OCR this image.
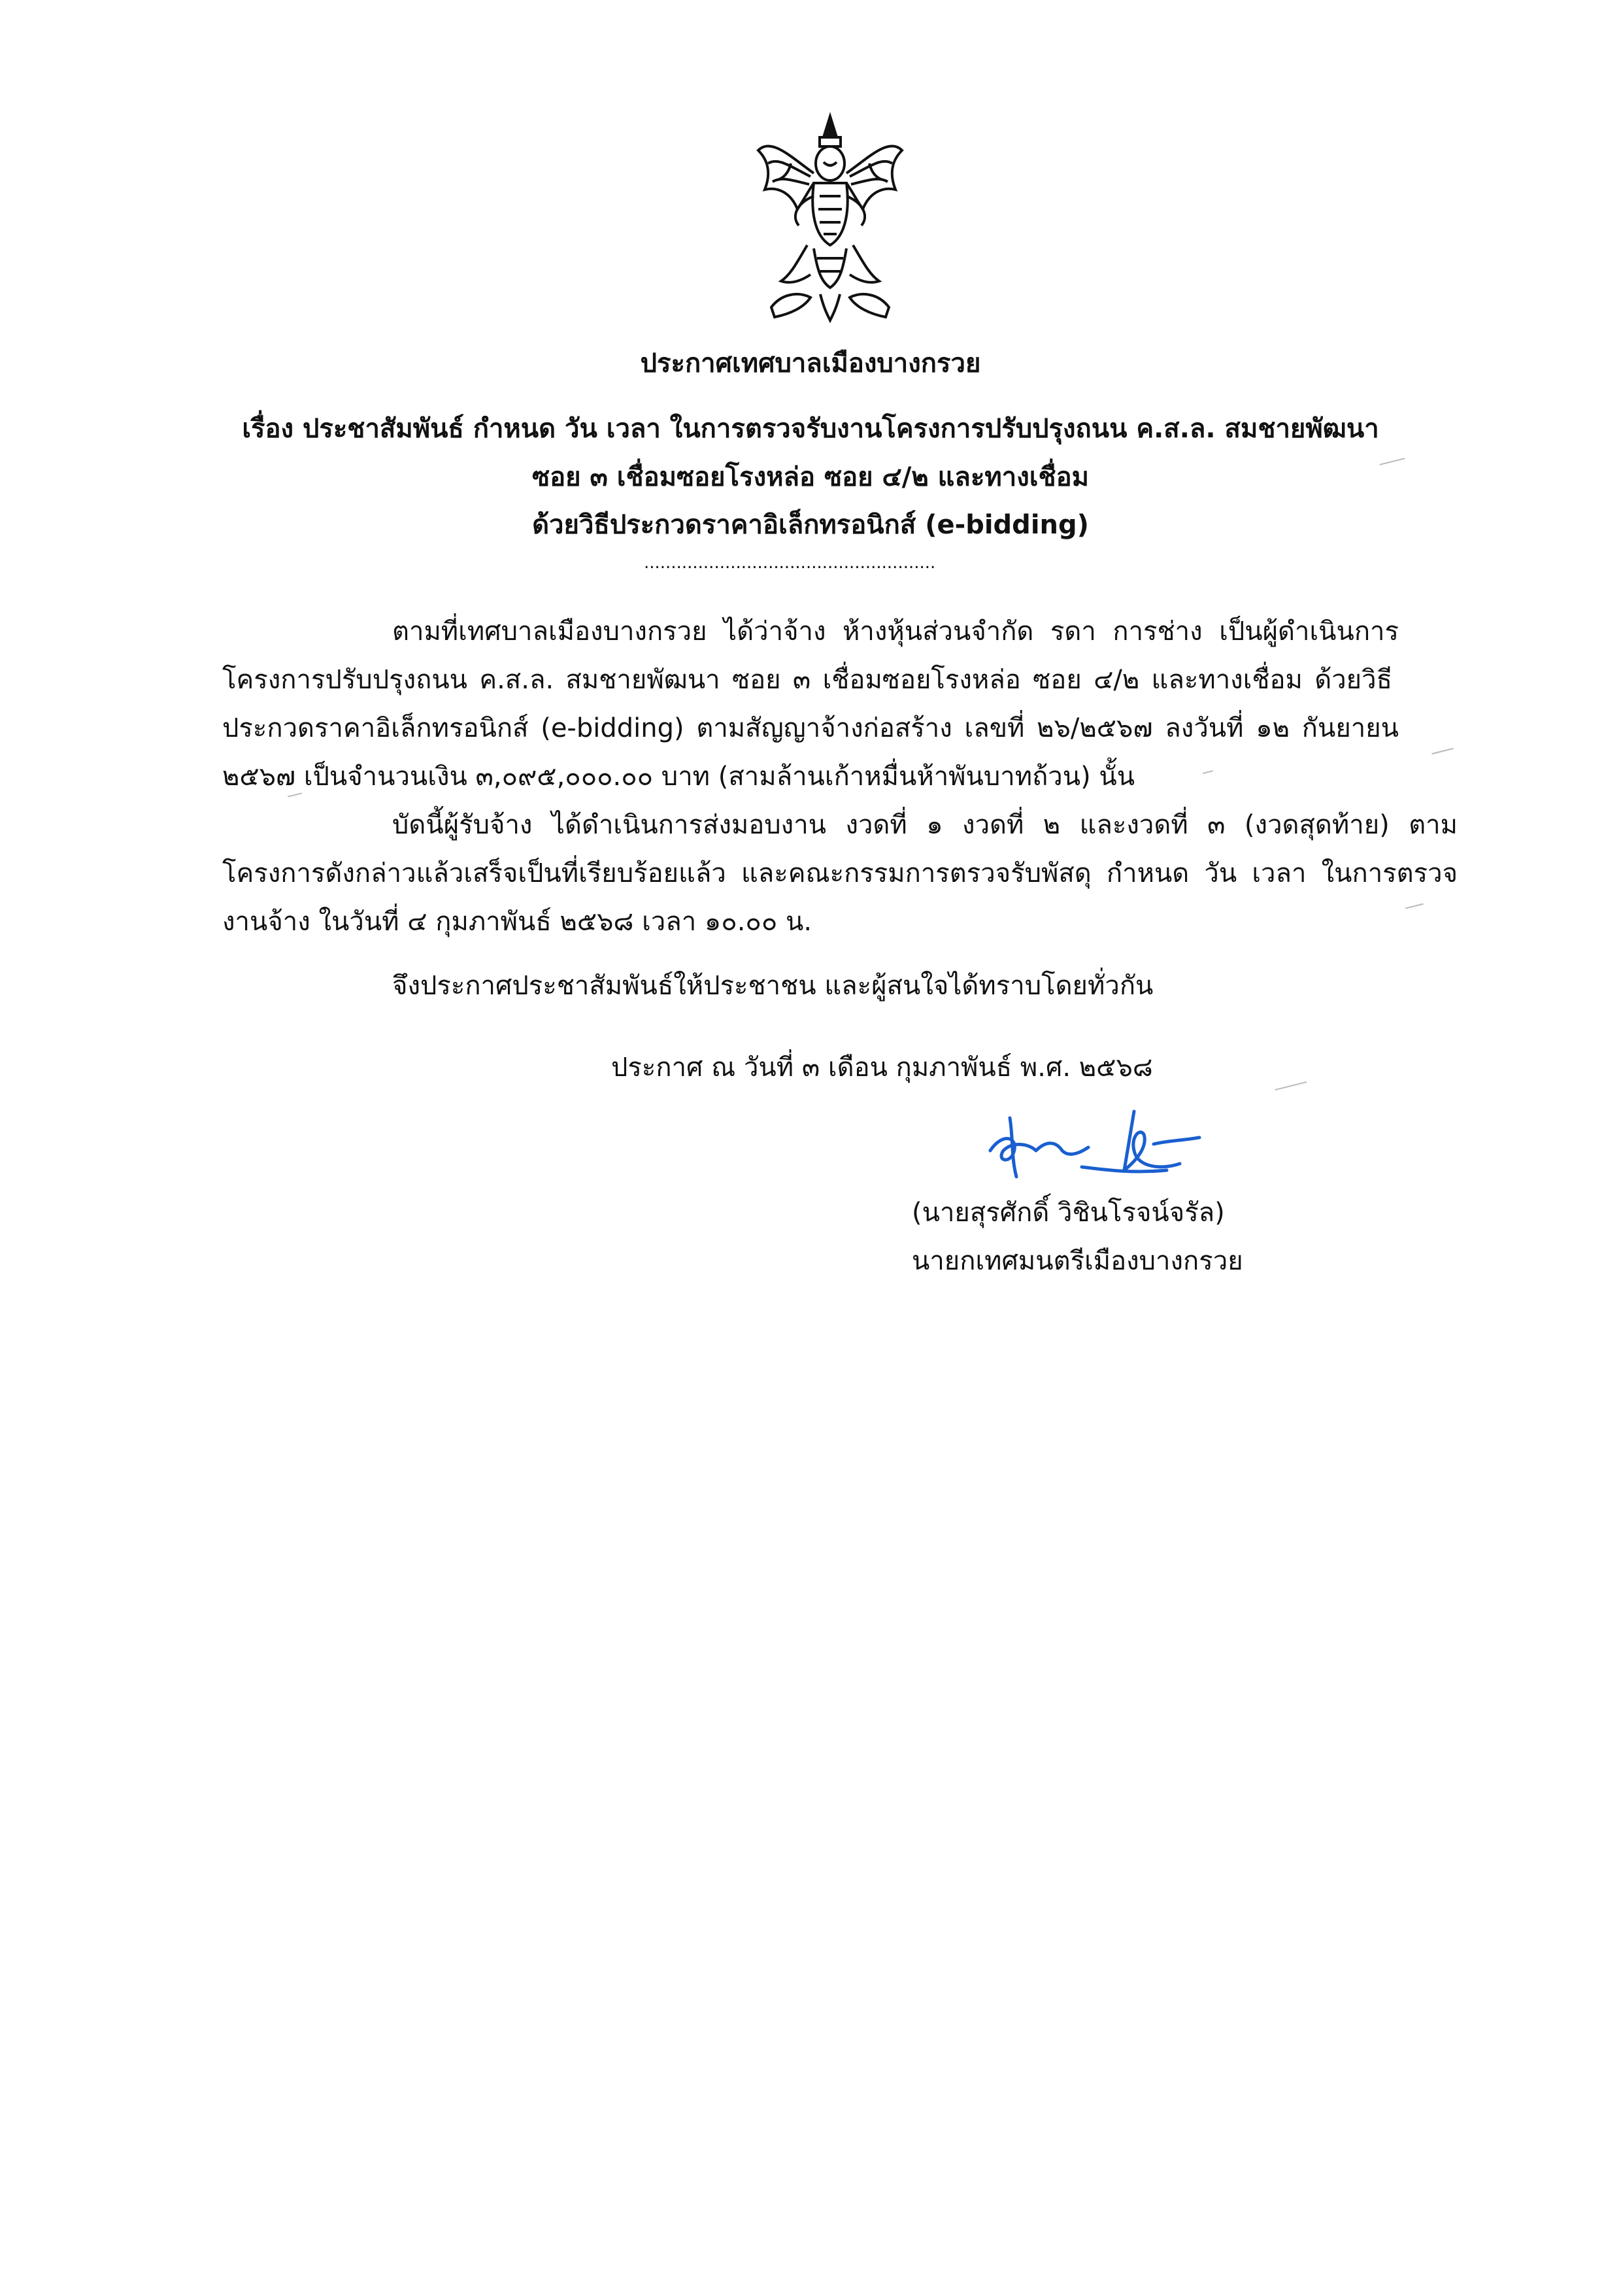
ประกาศเทศบาลเมืองบางกรวย
เรื่อง ประชาสัมพันธ์ กำหนด วัน เวลา ในการตรวจรับงานโครงการปรับปรุงถนน ค.ส.ล. สมชายพัฒนา
ซอย ๓ เชื่อมซอยโรงหล่อ ซอย ๔/๒ และทางเชื่อม
ด้วยวิธีประกวดราคาอิเล็กทรอนิกส์ (e-bidding)
......................................................
ตามที่เทศบาลเมืองบางกรวย ได้ว่าจ้าง ห้างหุ้นส่วนจำกัด รดา การช่าง เป็นผู้ดำเนินการ
โครงการปรับปรุงถนน ค.ส.ล. สมชายพัฒนา ซอย ๓ เชื่อมซอยโรงหล่อ ซอย ๔/๒ และทางเชื่อม ด้วยวิธี
ประกวดราคาอิเล็กทรอนิกส์ (e-bidding) ตามสัญญาจ้างก่อสร้าง เลขที่ ๒๖/๒๕๖๗ ลงวันที่ ๑๒ กันยายน
๒๕๖๗ เป็นจำนวนเงิน ๓,๐๙๕,๐๐๐.๐๐ บาท (สามล้านเก้าหมื่นห้าพันบาทถ้วน) นั้น
บัดนี้ผู้รับจ้าง ได้ดำเนินการส่งมอบงาน งวดที่ ๑ งวดที่ ๒ และงวดที่ ๓ (งวดสุดท้าย) ตาม
โครงการดังกล่าวแล้วเสร็จเป็นที่เรียบร้อยแล้ว และคณะกรรมการตรวจรับพัสดุ กำหนด วัน เวลา ในการตรวจ
งานจ้าง ในวันที่ ๔ กุมภาพันธ์ ๒๕๖๘ เวลา ๑๐.๐๐ น.
จึงประกาศประชาสัมพันธ์ให้ประชาชน และผู้สนใจได้ทราบโดยทั่วกัน
ประกาศ ณ วันที่ ๓ เดือน กุมภาพันธ์ พ.ศ. ๒๕๖๘
(นายสุรศักดิ์ วิชินโรจน์จรัล)
นายกเทศมนตรีเมืองบางกรวย
